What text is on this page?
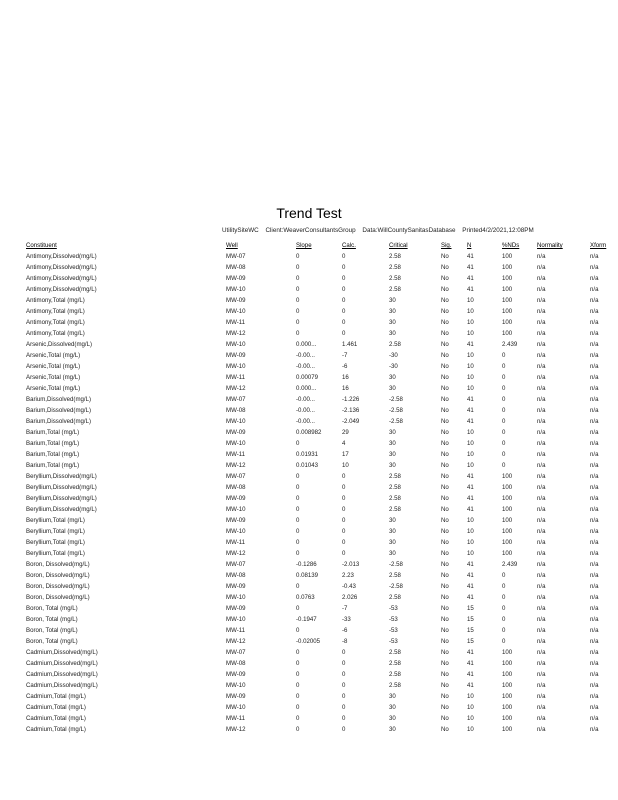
Trend Test
UtilitySiteWC Client:WeaverConsultantsGroup Data:WillCountySanitasDatabase Printed4/2/2021,12:08PM
Constituent	Well	Slope	Calc.	Critical	Sig.	N	%NDs	Normality	Xform
Antimony,Dissolved(mg/L)	MW-07	0	0	2.58	No	41	100	n/a	n/a
Antimony,Dissolved(mg/L)	MW-08	0	0	2.58	No	41	100	n/a	n/a
Antimony,Dissolved(mg/L)	MW-09	0	0	2.58	No	41	100	n/a	n/a
Antimony,Dissolved(mg/L)	MW-10	0	0	2.58	No	41	100	n/a	n/a
Antimony,Total (mg/L)	MW-09	0	0	30	No	10	100	n/a	n/a
Antimony,Total (mg/L)	MW-10	0	0	30	No	10	100	n/a	n/a
Antimony,Total (mg/L)	MW-11	0	0	30	No	10	100	n/a	n/a
Antimony,Total (mg/L)	MW-12	0	0	30	No	10	100	n/a	n/a
Arsenic,Dissolved(mg/L)	MW-10	0.000...	1.461	2.58	No	41	2.439	n/a	n/a
Arsenic,Total (mg/L)	MW-09	-0.00...	-7	-30	No	10	0	n/a	n/a
Arsenic,Total (mg/L)	MW-10	-0.00...	-6	-30	No	10	0	n/a	n/a
Arsenic,Total (mg/L)	MW-11	0.00079	16	30	No	10	0	n/a	n/a
Arsenic,Total (mg/L)	MW-12	0.000...	16	30	No	10	0	n/a	n/a
Barium,Dissolved(mg/L)	MW-07	-0.00...	-1.226	-2.58	No	41	0	n/a	n/a
Barium,Dissolved(mg/L)	MW-08	-0.00...	-2.136	-2.58	No	41	0	n/a	n/a
Barium,Dissolved(mg/L)	MW-10	-0.00...	-2.049	-2.58	No	41	0	n/a	n/a
Barium,Total (mg/L)	MW-09	0.008982	29	30	No	10	0	n/a	n/a
Barium,Total (mg/L)	MW-10	0	4	30	No	10	0	n/a	n/a
Barium,Total (mg/L)	MW-11	0.01931	17	30	No	10	0	n/a	n/a
Barium,Total (mg/L)	MW-12	0.01043	10	30	No	10	0	n/a	n/a
Beryllium,Dissolved(mg/L)	MW-07	0	0	2.58	No	41	100	n/a	n/a
Beryllium,Dissolved(mg/L)	MW-08	0	0	2.58	No	41	100	n/a	n/a
Beryllium,Dissolved(mg/L)	MW-09	0	0	2.58	No	41	100	n/a	n/a
Beryllium,Dissolved(mg/L)	MW-10	0	0	2.58	No	41	100	n/a	n/a
Beryllium,Total (mg/L)	MW-09	0	0	30	No	10	100	n/a	n/a
Beryllium,Total (mg/L)	MW-10	0	0	30	No	10	100	n/a	n/a
Beryllium,Total (mg/L)	MW-11	0	0	30	No	10	100	n/a	n/a
Beryllium,Total (mg/L)	MW-12	0	0	30	No	10	100	n/a	n/a
Boron, Dissolved(mg/L)	MW-07	-0.1286	-2.013	-2.58	No	41	2.439	n/a	n/a
Boron, Dissolved(mg/L)	MW-08	0.08139	2.23	2.58	No	41	0	n/a	n/a
Boron, Dissolved(mg/L)	MW-09	0	-0.43	-2.58	No	41	0	n/a	n/a
Boron, Dissolved(mg/L)	MW-10	0.0763	2.026	2.58	No	41	0	n/a	n/a
Boron, Total (mg/L)	MW-09	0	-7	-53	No	15	0	n/a	n/a
Boron, Total (mg/L)	MW-10	-0.1947	-33	-53	No	15	0	n/a	n/a
Boron, Total (mg/L)	MW-11	0	-6	-53	No	15	0	n/a	n/a
Boron, Total (mg/L)	MW-12	-0.02005	-8	-53	No	15	0	n/a	n/a
Cadmium,Dissolved(mg/L)	MW-07	0	0	2.58	No	41	100	n/a	n/a
Cadmium,Dissolved(mg/L)	MW-08	0	0	2.58	No	41	100	n/a	n/a
Cadmium,Dissolved(mg/L)	MW-09	0	0	2.58	No	41	100	n/a	n/a
Cadmium,Dissolved(mg/L)	MW-10	0	0	2.58	No	41	100	n/a	n/a
Cadmium,Total (mg/L)	MW-09	0	0	30	No	10	100	n/a	n/a
Cadmium,Total (mg/L)	MW-10	0	0	30	No	10	100	n/a	n/a
Cadmium,Total (mg/L)	MW-11	0	0	30	No	10	100	n/a	n/a
Cadmium,Total (mg/L)	MW-12	0	0	30	No	10	100	n/a	n/a
